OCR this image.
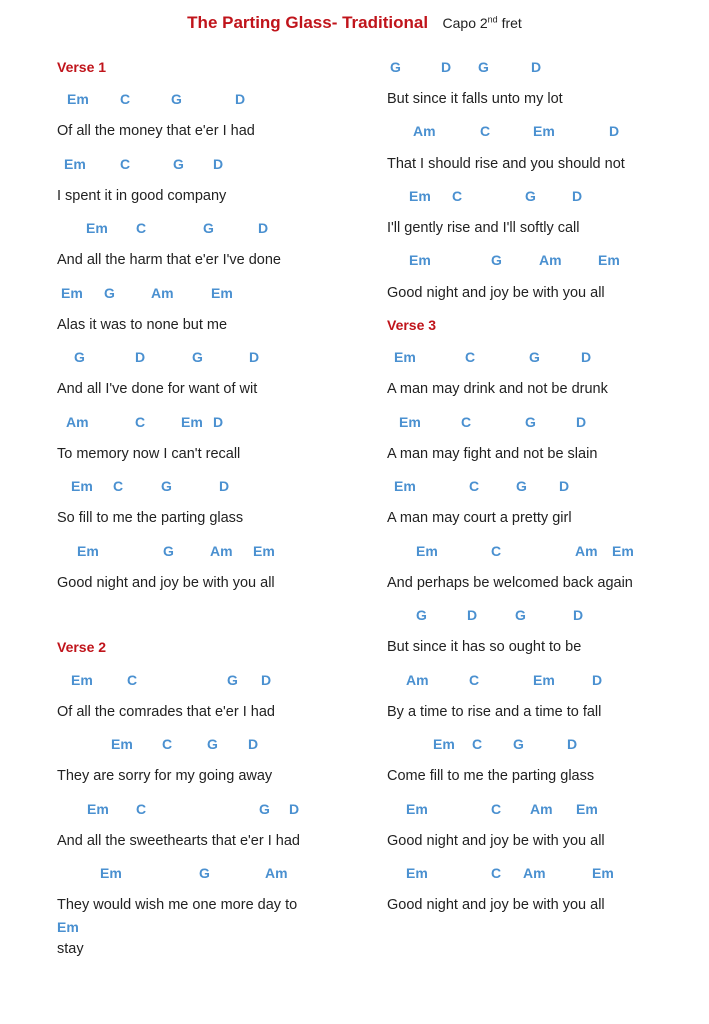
The Parting Glass- Traditional Capo 2nd fret
Verse 1
Em C	G	D
Of all the money that e'er I had
Em C	G D
I spent it in good company
Em C	G	D
And all the harm that e'er I've done
Em G	Am	Em
Alas it was to none but me
G	D	G	D
And all I've done for want of wit
Am	C	Em D
To memory now I can't recall
Em C	G	D
So fill to me the parting glass
Em	G	Am Em
Good night and joy be with you all
Verse 2
Em C	G D
Of all the comrades that e'er I had
Em C G D
They are sorry for my going away
Em C	G D
And all the sweethearts that e'er I had
Em	G	Am
They would wish me one more day to
Em
stay
G	D G	D
But since it falls unto my lot
Am	C	Em	D
That I should rise and you should not
Em C	G	D
I'll gently rise and I'll softly call
Em	G	Am	Em
Good night and joy be with you all
Verse 3
Em	C	G	D
A man may drink and not be drunk
Em	C	G	D
A man may fight and not be slain
Em	C	G D
A man may court a pretty girl
Em	C	Am Em
And perhaps be welcomed back again
G	D	G	D
But since it has so ought to be
Am	C	Em	D
By a time to rise and a time to fall
Em C G	D
Come fill to me the parting glass
Em	C Am Em
Good night and joy be with you all
Em	C Am	Em
Good night and joy be with you all
